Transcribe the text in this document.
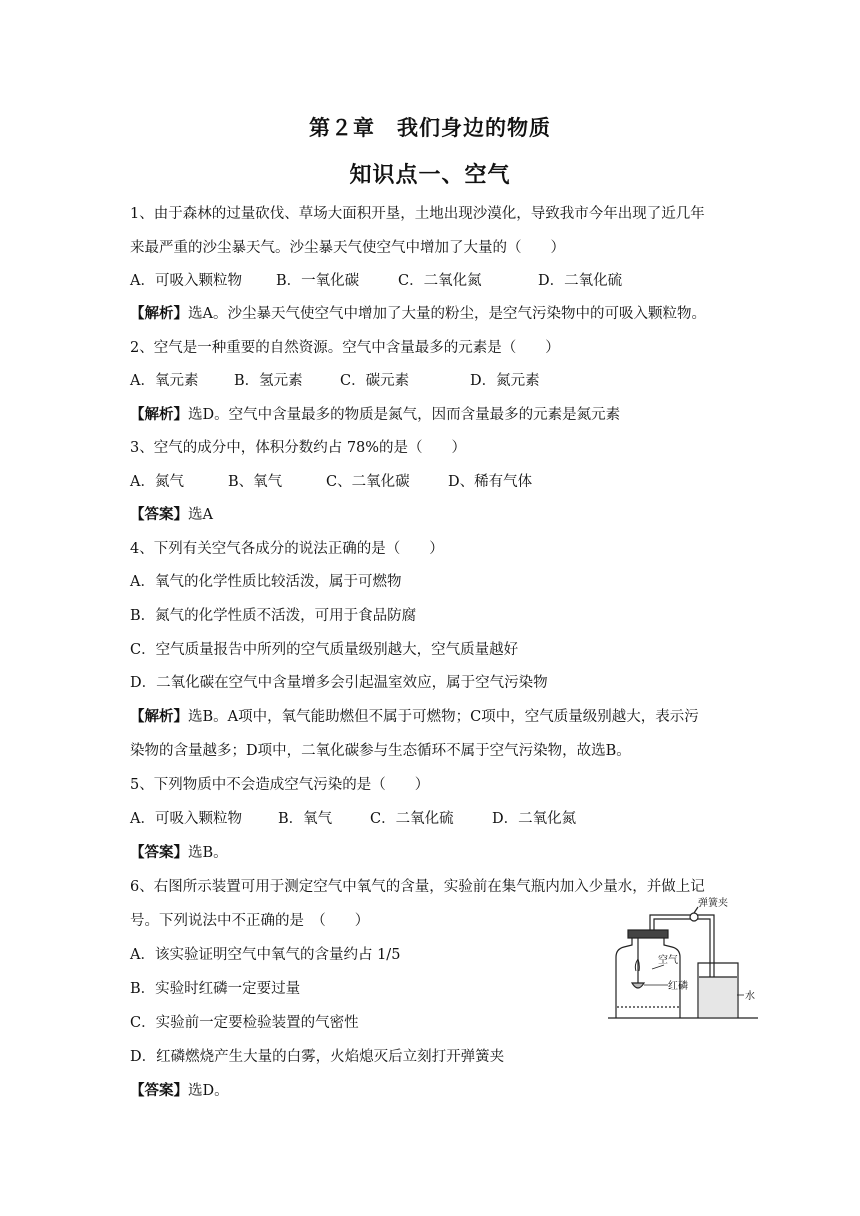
第２章　我们身边的物质
知识点一、空气
1、由于森林的过量砍伐、草场大面积开垦，土地出现沙漠化，导致我市今年出现了近几年
来最严重的沙尘暴天气。沙尘暴天气使空气中增加了大量的（　　）
A．可吸入颗粒物 B．一氧化碳	C．二氧化氮	D．二氧化硫
【解析】选A。沙尘暴天气使空气中增加了大量的粉尘，是空气污染物中的可吸入颗粒物。
2、空气是一种重要的自然资源。空气中含量最多的元素是（　　）
A．氧元素 B．氢元素	C．碳元素	D．氮元素
【解析】选D。空气中含量最多的物质是氮气，因而含量最多的元素是氮元素
3、空气的成分中，体积分数约占 78%的是（　　）
A．氮气	B、氧气	C、二氧化碳	D、稀有气体
【答案】选A
4、下列有关空气各成分的说法正确的是（　　）
A．氧气的化学性质比较活泼，属于可燃物
B．氮气的化学性质不活泼，可用于食品防腐
C．空气质量报告中所列的空气质量级别越大，空气质量越好
D．二氧化碳在空气中含量增多会引起温室效应，属于空气污染物
【解析】选B。A项中，氧气能助燃但不属于可燃物；C项中，空气质量级别越大，表示污
染物的含量越多；D项中，二氧化碳参与生态循环不属于空气污染物，故选B。
5、下列物质中不会造成空气污染的是（　　）
A．可吸入颗粒物 B．氧气	C．二氧化硫	D．二氧化氮
【答案】选B。
6、右图所示装置可用于测定空气中氧气的含量，实验前在集气瓶内加入少量水，并做上记
号。下列说法中不正确的是　（　　）
A．该实验证明空气中氧气的含量约占 1/5
B．实验时红磷一定要过量
C．实验前一定要检验装置的气密性
D．红磷燃烧产生大量的白雾，火焰熄灭后立刻打开弹簧夹
【答案】选D。
弹簧夹
空气
红磷
水
